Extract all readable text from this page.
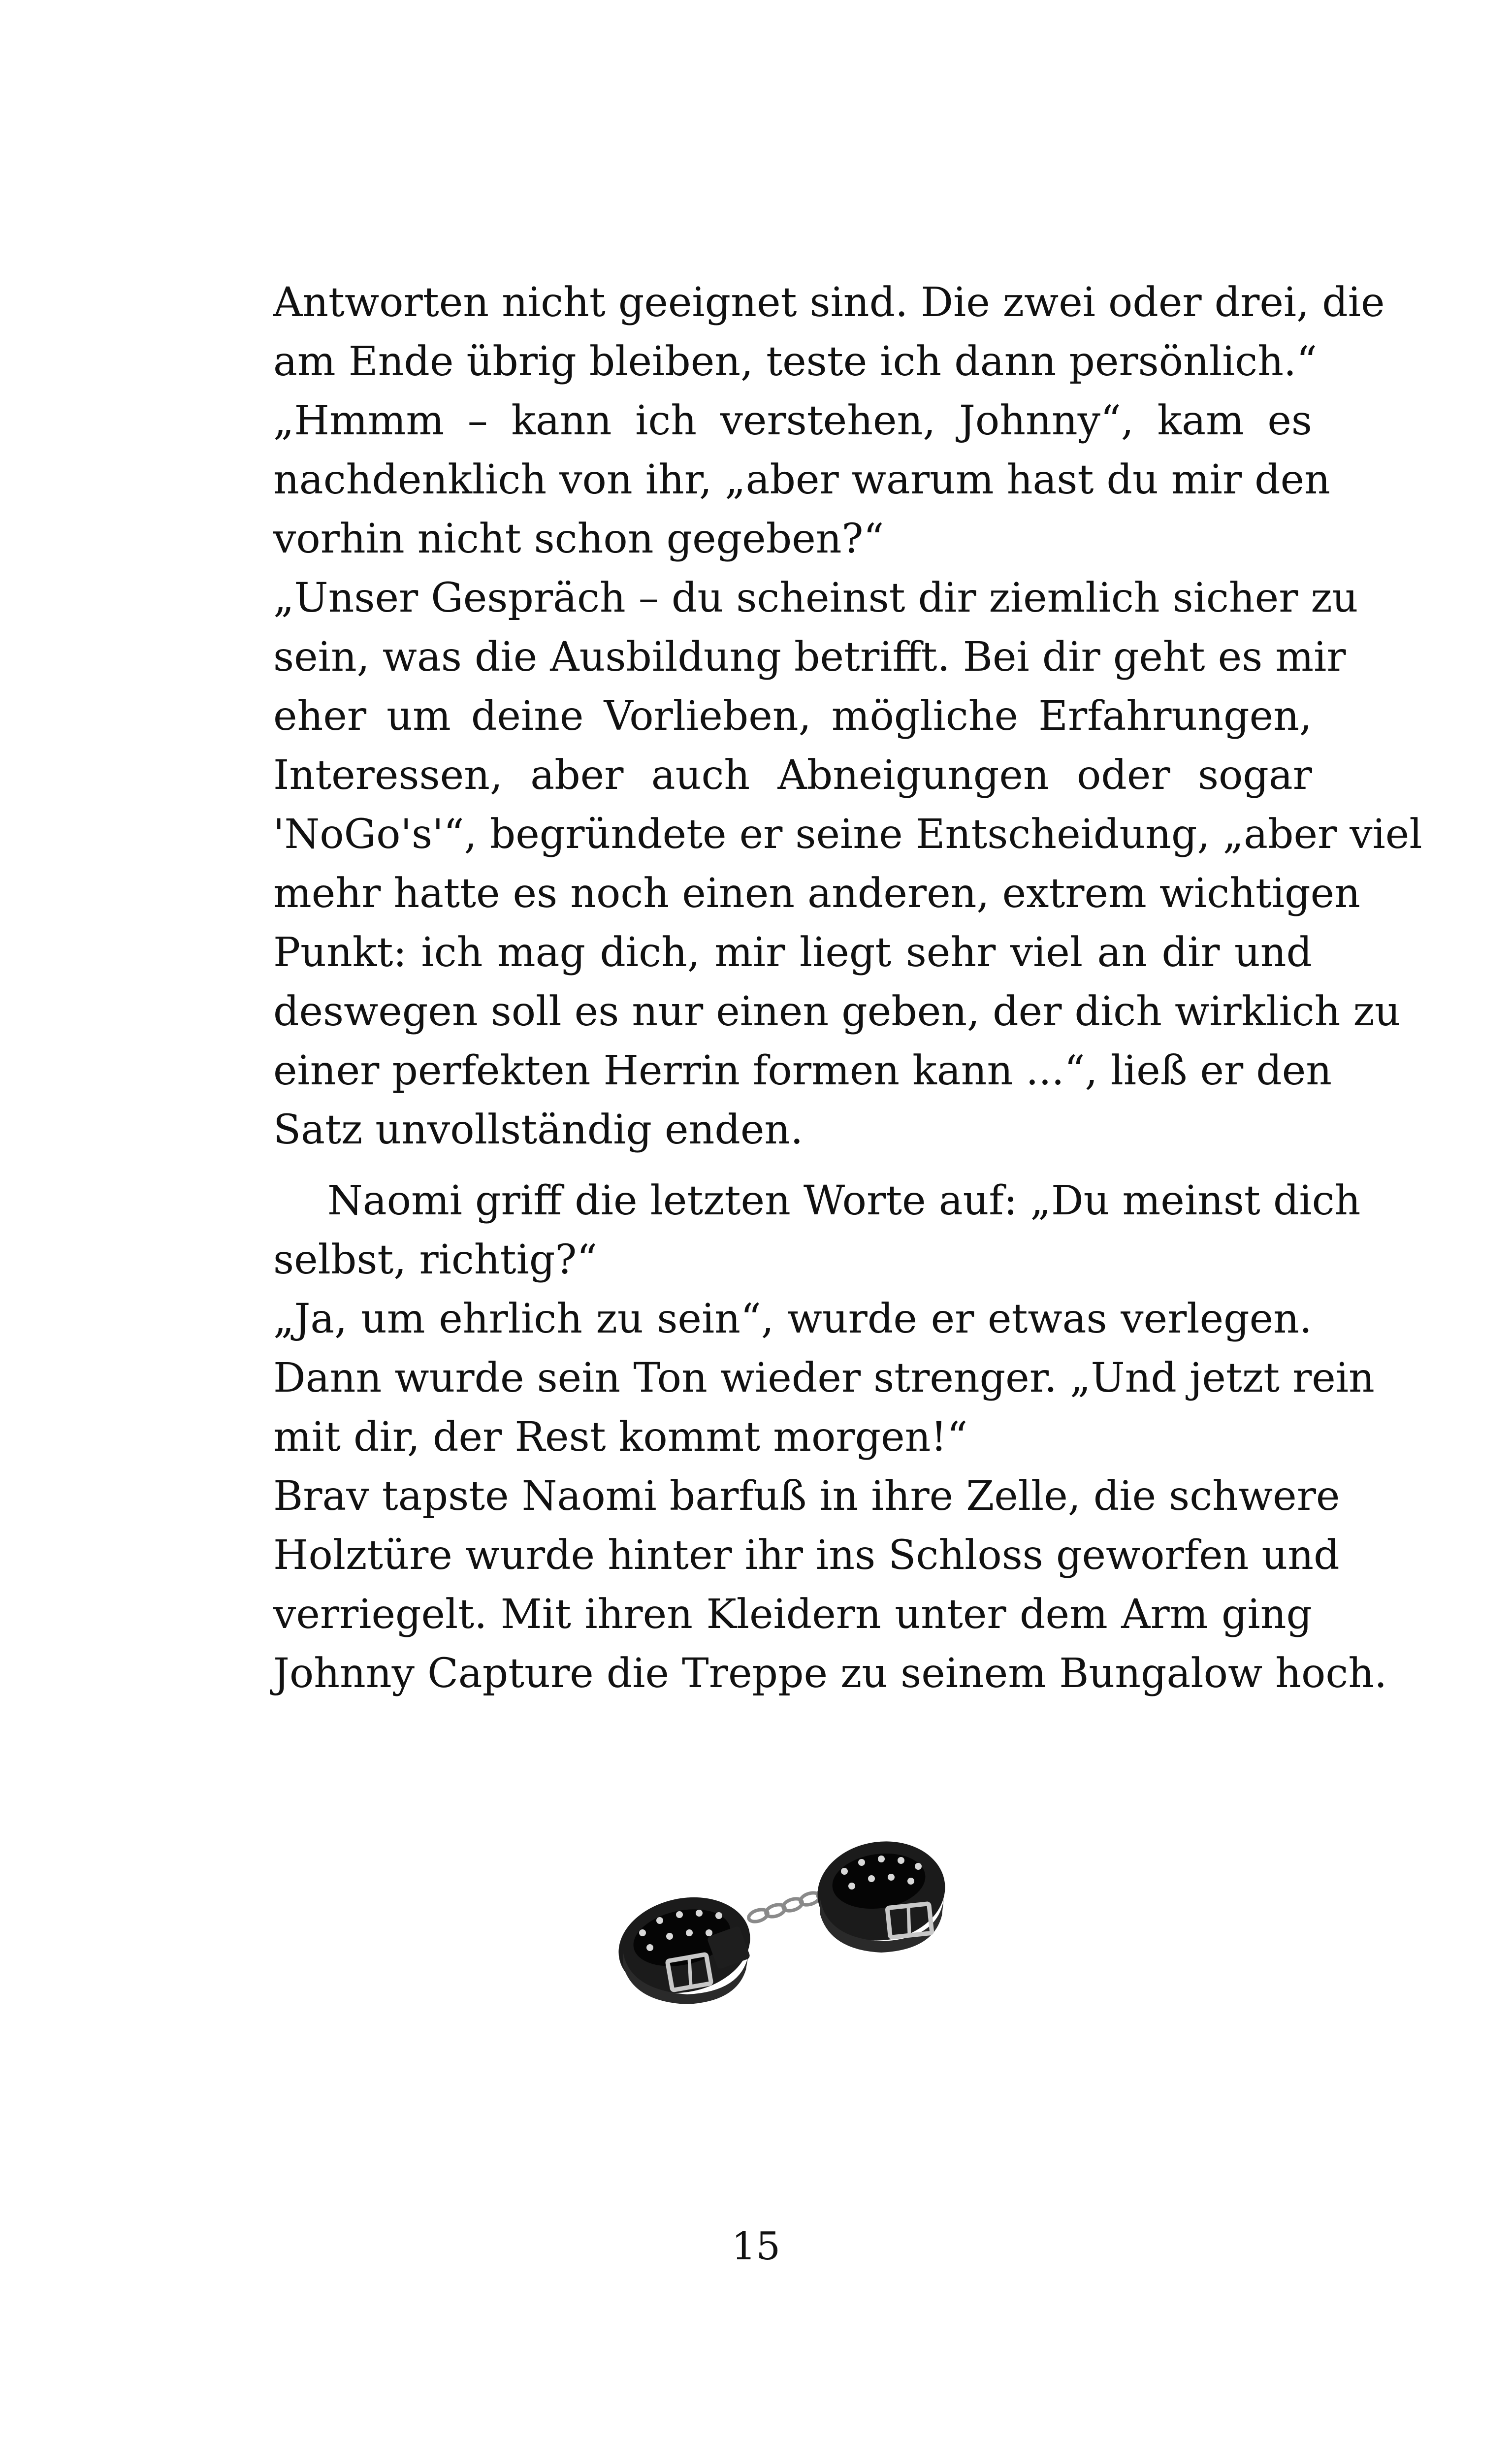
Antworten nicht geeignet sind. Die zwei oder drei, die
am Ende übrig bleiben, teste ich dann persönlich.“
„Hmmm – kann ich verstehen, Johnny“, kam es
nachdenklich von ihr, „aber warum hast du mir den
vorhin nicht schon gegeben?“
„Unser Gespräch – du scheinst dir ziemlich sicher zu
sein, was die Ausbildung betrifft. Bei dir geht es mir
eher um deine Vorlieben, mögliche Erfahrungen,
Interessen, aber auch Abneigungen oder sogar
'NoGo's'“, begründete er seine Entscheidung, „aber viel
mehr hatte es noch einen anderen, extrem wichtigen
Punkt: ich mag dich, mir liegt sehr viel an dir und
deswegen soll es nur einen geben, der dich wirklich zu
einer perfekten Herrin formen kann ...“, ließ er den
Satz unvollständig enden.
Naomi griff die letzten Worte auf: „Du meinst dich
selbst, richtig?“
„Ja, um ehrlich zu sein“, wurde er etwas verlegen.
Dann wurde sein Ton wieder strenger. „Und jetzt rein
mit dir, der Rest kommt morgen!“
Brav tapste Naomi barfuß in ihre Zelle, die schwere
Holztüre wurde hinter ihr ins Schloss geworfen und
verriegelt. Mit ihren Kleidern unter dem Arm ging
Johnny Capture die Treppe zu seinem Bungalow hoch.
15
